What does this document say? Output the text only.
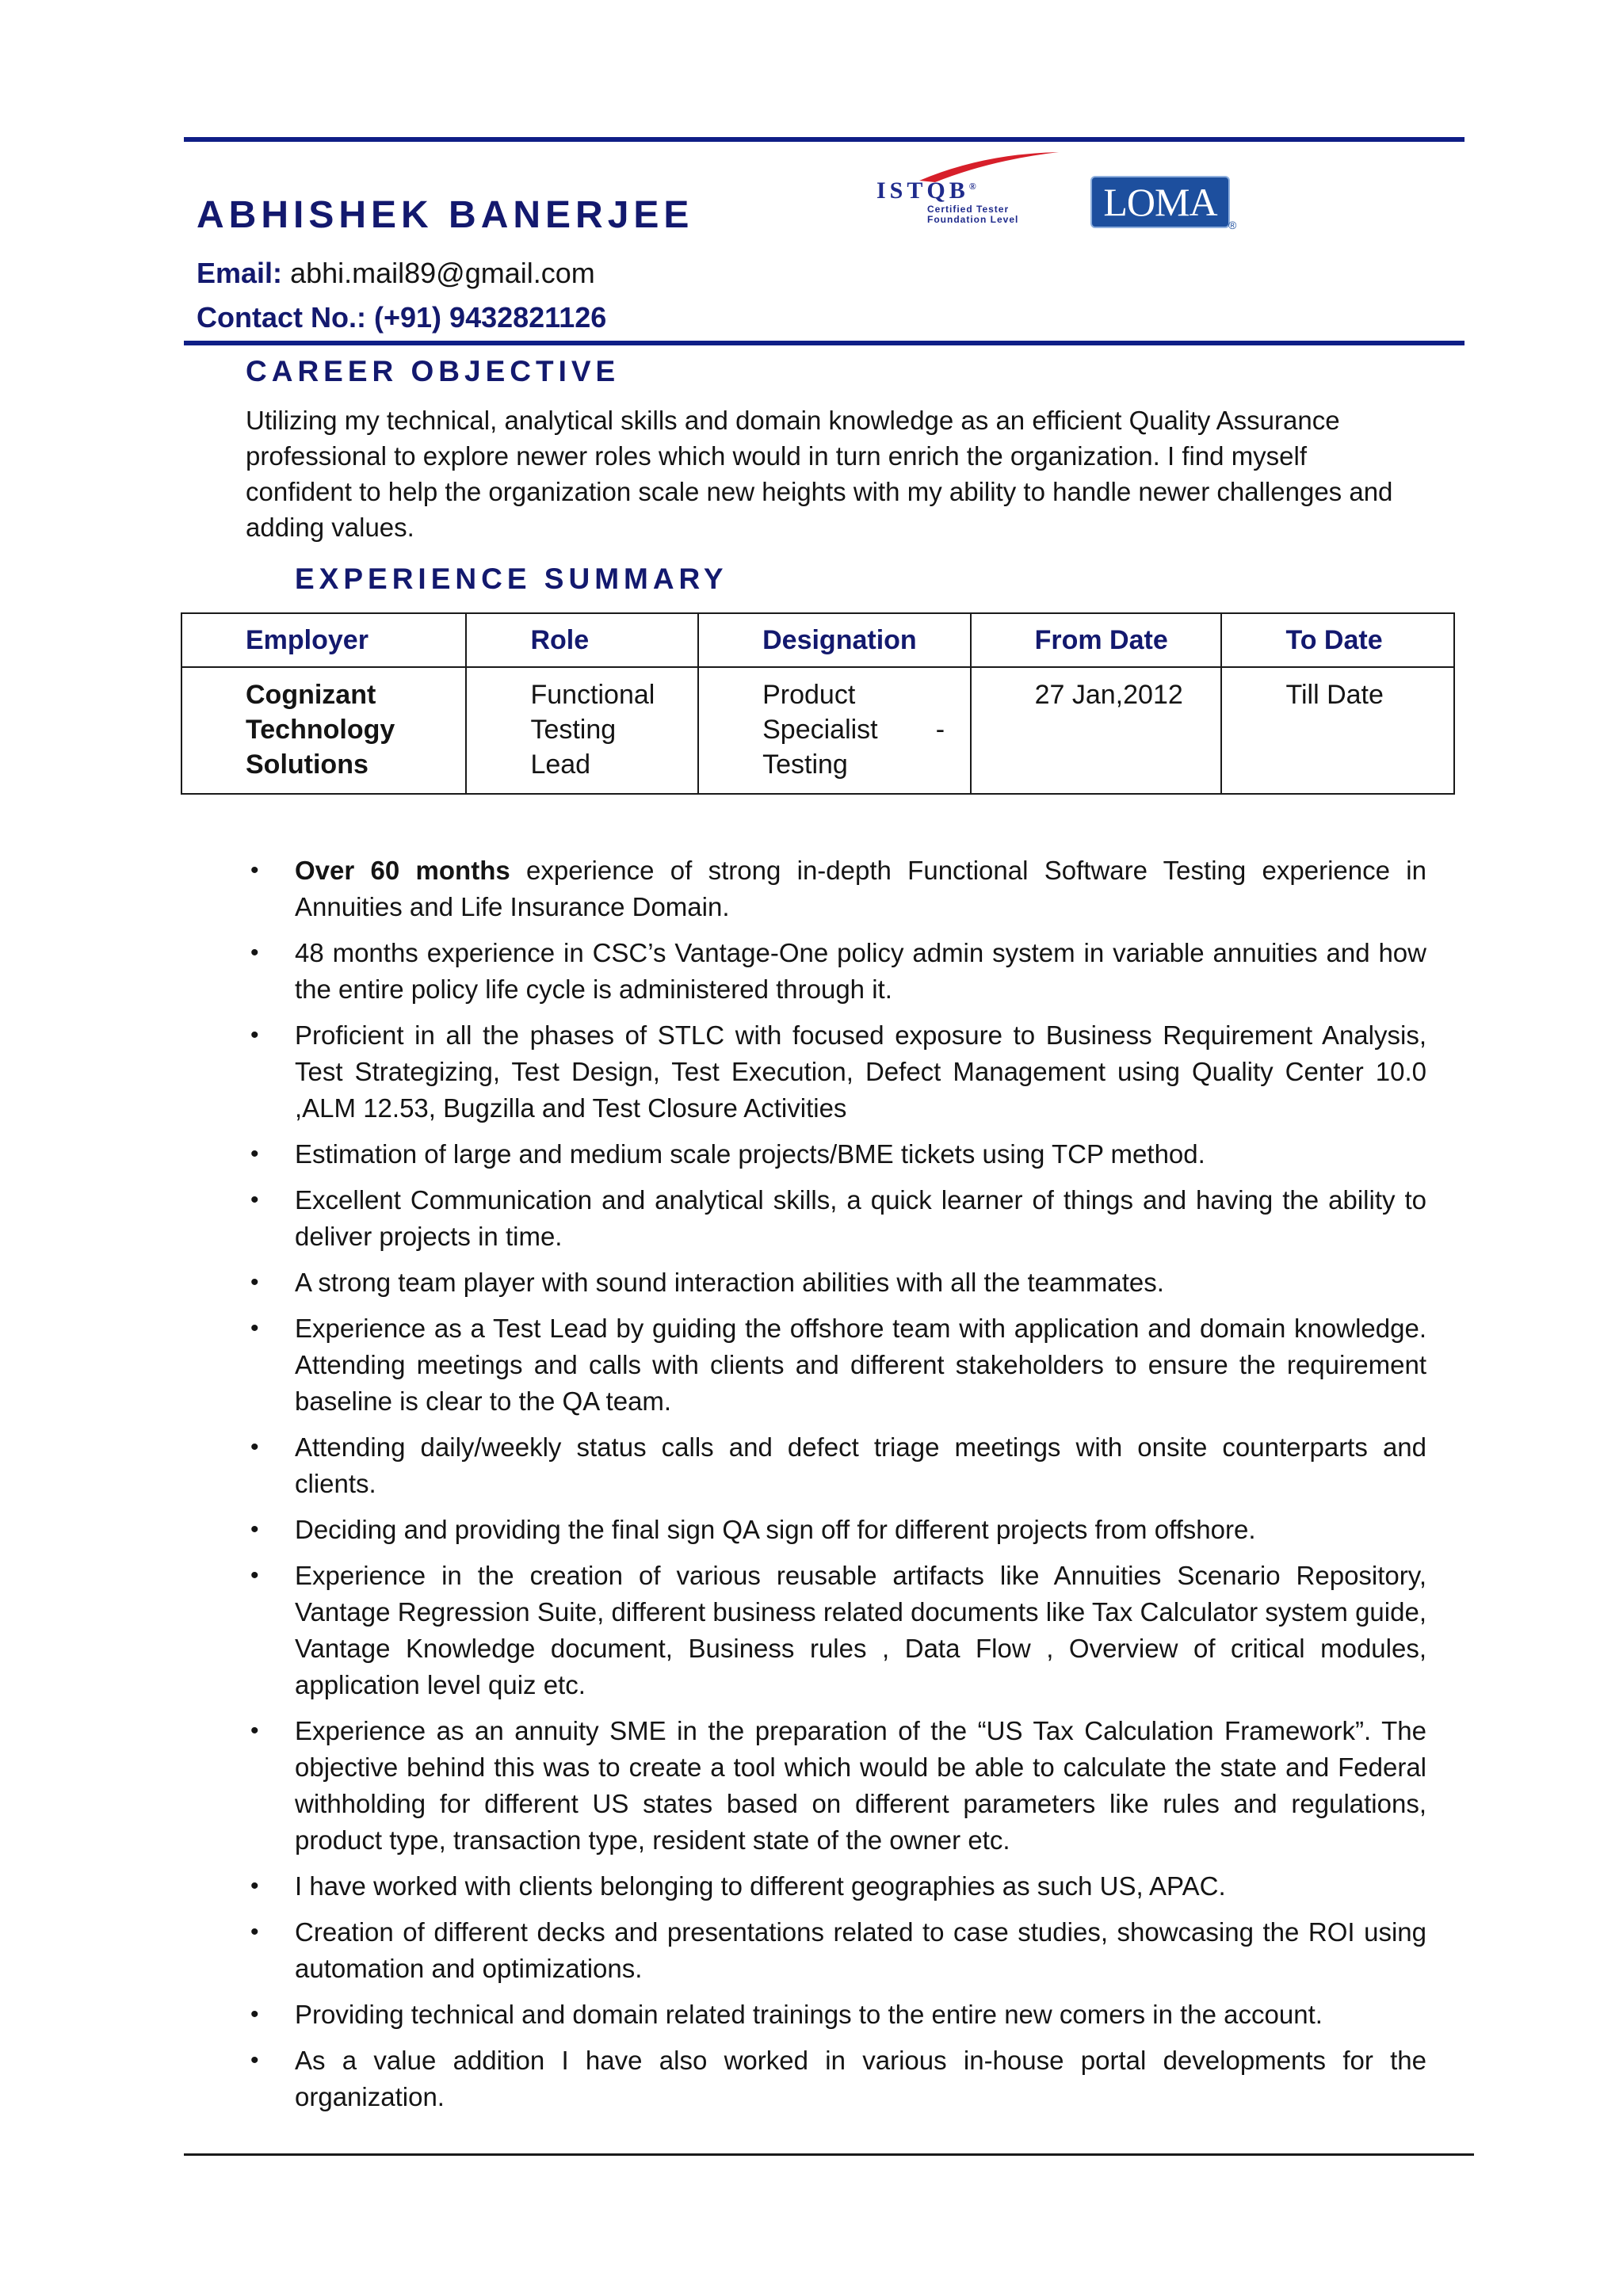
ABHISHEK BANERJEE
Email: abhi.mail89@gmail.com
Contact No.: (+91) 9432821126
ISTQB®
Certified Tester
Foundation Level LOMA
®
CAREER OBJECTIVE

Utilizing my technical, analytical skills and domain knowledge as an efficient Quality Assurance professional to explore newer roles which would in turn enrich the organization. I find myself confident to help the organization scale new heights with my ability to handle newer challenges and adding values.

EXPERIENCE SUMMARY
Employer	Role	Designation	From Date	To Date

Cognizant Technology Solutions	Functional Testing Lead	Product Specialist - Testing	27 Jan,2012	Till Date
• Over 60 months experience of strong in-depth Functional Software Testing experience in Annuities and Life Insurance Domain.
• 48 months experience in CSC’s Vantage-One policy admin system in variable annuities and how the entire policy life cycle is administered through it.
• Proficient in all the phases of STLC with focused exposure to Business Requirement Analysis, Test Strategizing, Test Design, Test Execution, Defect Management using Quality Center 10.0 ,ALM 12.53, Bugzilla and Test Closure Activities
• Estimation of large and medium scale projects/BME tickets using TCP method.
• Excellent Communication and analytical skills, a quick learner of things and having the ability to deliver projects in time.
• A strong team player with sound interaction abilities with all the teammates.
• Experience as a Test Lead by guiding the offshore team with application and domain knowledge. Attending meetings and calls with clients and different stakeholders to ensure the requirement baseline is clear to the QA team.
• Attending daily/weekly status calls and defect triage meetings with onsite counterparts and clients.
• Deciding and providing the final sign QA sign off for different projects from offshore.
• Experience in the creation of various reusable artifacts like Annuities Scenario Repository, Vantage Regression Suite, different business related documents like Tax Calculator system guide, Vantage Knowledge document, Business rules , Data Flow , Overview of critical modules, application level quiz etc.
• Experience as an annuity SME in the preparation of the “US Tax Calculation Framework”. The objective behind this was to create a tool which would be able to calculate the state and Federal withholding for different US states based on different parameters like rules and regulations, product type, transaction type, resident state of the owner etc.
• I have worked with clients belonging to different geographies as such US, APAC.
• Creation of different decks and presentations related to case studies, showcasing the ROI using automation and optimizations.
• Providing technical and domain related trainings to the entire new comers in the account.
• As a value addition I have also worked in various in-house portal developments for the organization.
